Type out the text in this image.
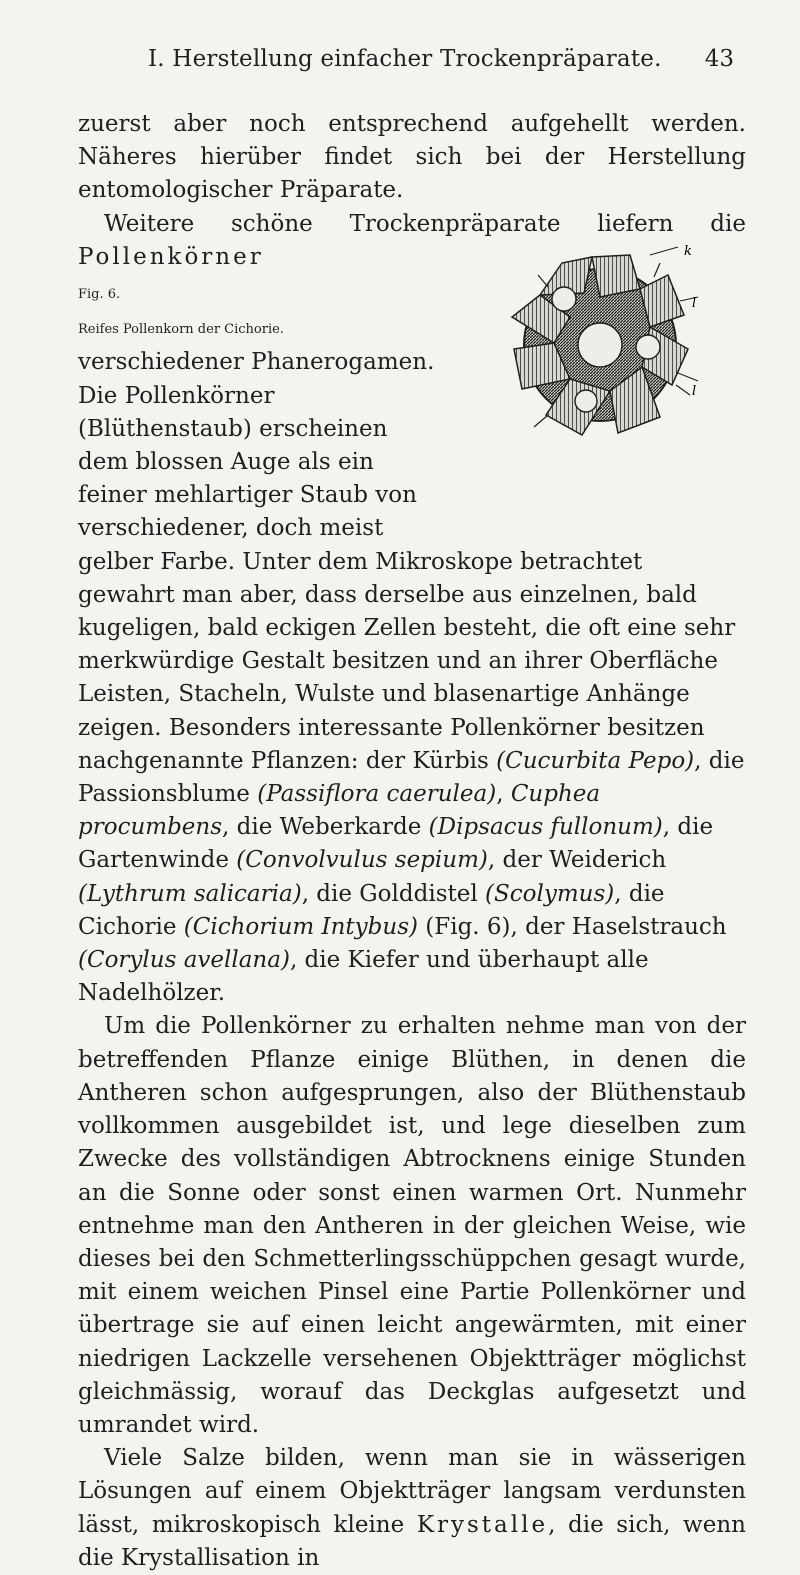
I. Herstellung einfacher Trockenpräparate. 43

zuerst aber noch entsprechend aufgehellt werden. Näheres hierüber findet sich bei der Herstellung entomologischer Präparate.

Weitere schöne Trockenpräparate liefern die Pollenkörner	k
l
l

Fig. 6.
Reifes Pollenkorn der Cichorie.
verschiedener Phanerogamen. Die Pollenkörner (Blüthenstaub) erscheinen dem blossen Auge als ein feiner mehlartiger Staub von verschiedener, doch meist gelber Farbe. Unter dem Mikroskope betrachtet gewahrt man aber, dass derselbe aus einzelnen, bald kugeligen, bald eckigen Zellen besteht, die oft eine sehr merkwürdige Gestalt besitzen und an ihrer Oberfläche Leisten, Stacheln, Wulste und blasenartige Anhänge zeigen. Besonders interessante Pollenkörner besitzen nachgenannte Pflanzen: der Kürbis (Cucurbita Pepo), die Passionsblume (Passiflora caerulea), Cuphea procumbens, die Weberkarde (Dipsacus fullonum), die Gartenwinde (Convolvulus sepium), der Weiderich (Lythrum salicaria), die Golddistel (Scolymus), die Cichorie (Cichorium Intybus) (Fig. 6), der Haselstrauch (Corylus avellana), die Kiefer und überhaupt alle Nadelhölzer.

Um die Pollenkörner zu erhalten nehme man von der betreffenden Pflanze einige Blüthen, in denen die Antheren schon aufgesprungen, also der Blüthenstaub vollkommen ausgebildet ist, und lege dieselben zum Zwecke des vollständigen Abtrocknens einige Stunden an die Sonne oder sonst einen warmen Ort. Nunmehr entnehme man den Antheren in der gleichen Weise, wie dieses bei den Schmetterlingsschüppchen gesagt wurde, mit einem weichen Pinsel eine Partie Pollenkörner und übertrage sie auf einen leicht angewärmten, mit einer niedrigen Lackzelle versehenen Objektträger möglichst gleichmässig, worauf das Deckglas aufgesetzt und umrandet wird.

Viele Salze bilden, wenn man sie in wässerigen Lösungen auf einem Objektträger langsam verdunsten lässt, mikroskopisch kleine Krystalle, die sich, wenn die Krystallisation in
